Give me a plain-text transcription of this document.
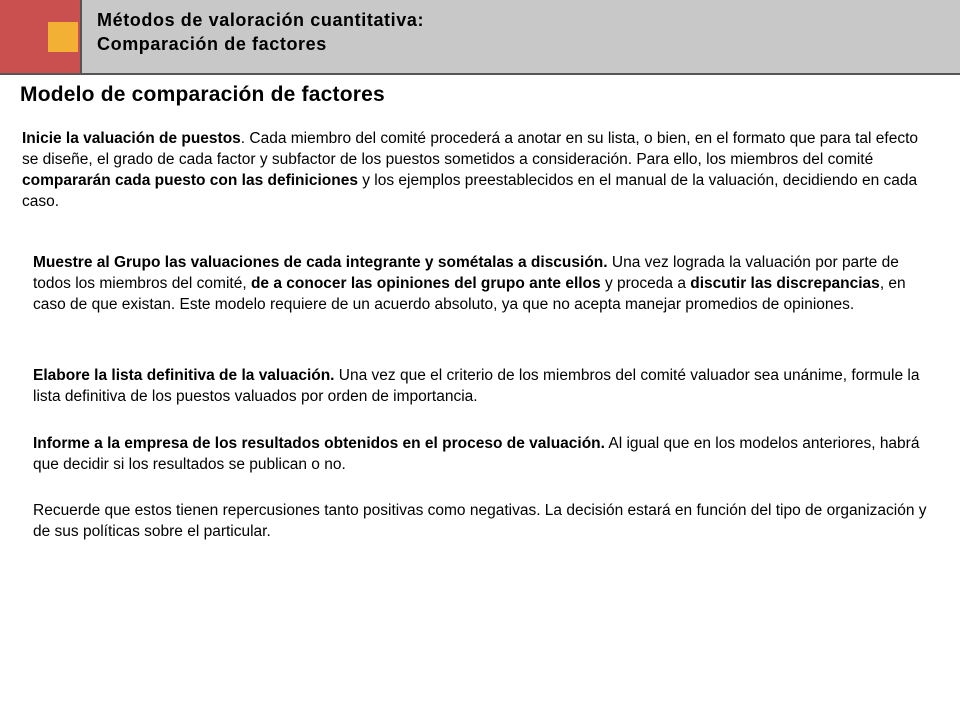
Métodos de valoración cuantitativa:
Comparación de factores
Modelo de comparación de factores
Inicie la valuación de puestos. Cada miembro del comité procederá a anotar en su lista, o bien, en el formato que para tal efecto se diseñe, el grado de cada factor y subfactor de los puestos sometidos a consideración. Para ello, los miembros del comité compararán cada puesto con las definiciones y los ejemplos preestablecidos en el manual de la valuación, decidiendo en cada caso.
Muestre al Grupo las valuaciones de cada integrante y sométalas a discusión. Una vez lograda la valuación por parte de todos los miembros del comité, de a conocer las opiniones del grupo ante ellos y proceda a discutir las discrepancias, en caso de que existan. Este modelo requiere de un acuerdo absoluto, ya que no acepta manejar promedios de opiniones.
Elabore la lista definitiva de la valuación. Una vez que el criterio de los miembros del comité valuador sea unánime, formule la lista definitiva de los puestos valuados por orden de importancia.
Informe a la empresa de los resultados obtenidos en el proceso de valuación. Al igual que en los modelos anteriores, habrá que decidir si los resultados se publican o no.
Recuerde que estos tienen repercusiones tanto positivas como negativas. La decisión estará en función del tipo de organización y de sus políticas sobre el particular.
